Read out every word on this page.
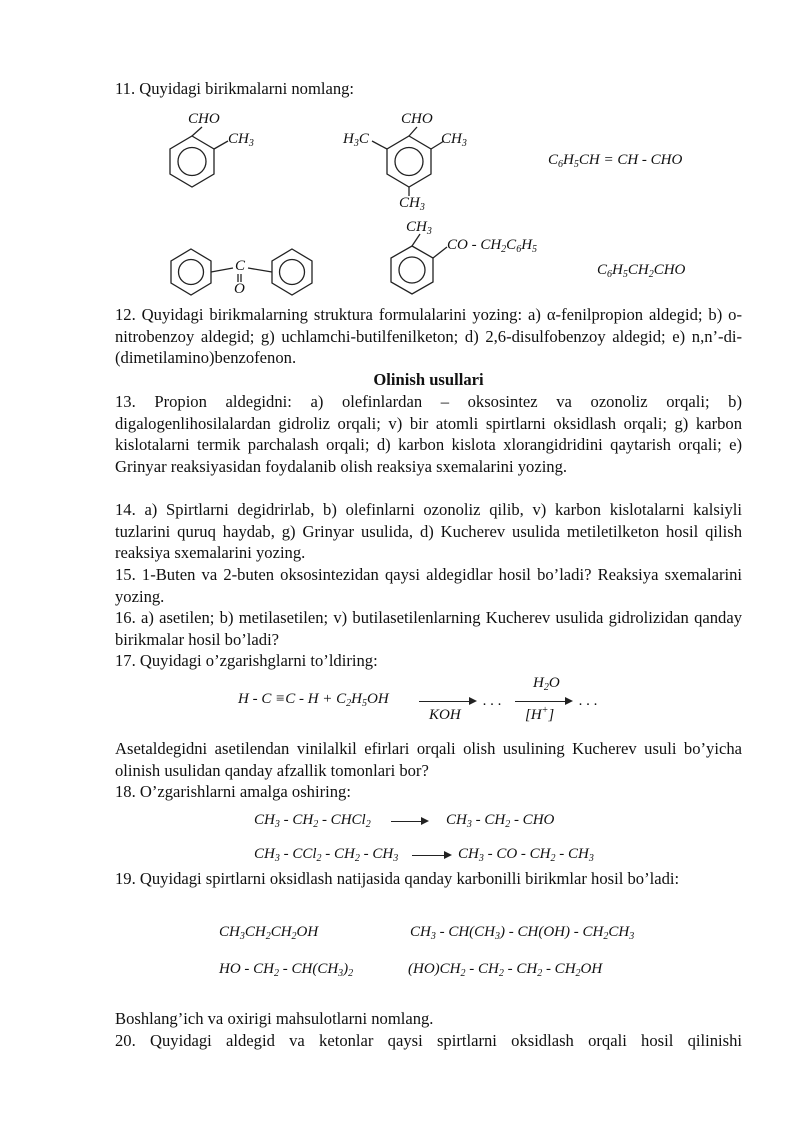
11. Quyidagi birikmalarni nomlang:

CHO
$CH_3$
CHO
$H_3C$	$CH_3$
$CH_3$
$C_6H_5CH$ = CH - CHO
C
O
$CH_3$
CO - $CH_2C_6H_5$
$C_6H_5CH_2CHO$

12. Quyidagi birikmalarning struktura formulalarini yozing: a) α-fenilpropion aldegid; b) o-nitrobenzoy aldegid; g) uchlamchi-butilfenilketon; d) 2,6-disulfobenzoy aldegid; e) n,n’-di-(dimetilamino)benzofenon.

Olinish usullari

13. Propion aldegidni: a) olefinlardan – oksosintez va ozonoliz orqali; b) digalogenlihosilalardan gidroliz orqali; v) bir atomli spirtlarni oksidlash orqali; g) karbon kislotalarni termik parchalash orqali; d) karbon kislota xlorangidridini qaytarish orqali; e) Grinyar reaksiyasidan foydalanib olish reaksiya sxemalarini yozing.

14. a) Spirtlarni degidrirlab, b) olefinlarni ozonoliz qilib, v) karbon kislotalarni kalsiyli tuzlarini quruq haydab, g) Grinyar usulida, d) Kucherev usulida metiletilketon hosil qilish reaksiya sxemalarini yozing.

15. 1-Buten va 2-buten oksosintezidan qaysi aldegidlar hosil bo’ladi? Reaksiya sxemalarini yozing.

16. a) asetilen; b) metilasetilen; v) butilasetilenlarning Kucherev usulida gidrolizidan qanday birikmalar hosil bo’ladi?

17. Quyidagi o’zgarishglarni to’ldiring:

$H - C \equiv C - H + C_2H_5OH$
KOH
. . .
$H_2O$
[H+]
. . .

Asetaldegidni asetilendan vinilalkil efirlari orqali olish usulining Kucherev usuli bo’yicha olinish usulidan qanday afzallik tomonlari bor?

18. O’zgarishlarni amalga oshiring:

$CH_3 - CH_2$ - CHCl$_2$	$CH_3 - CH_2$ - CHO
$CH_3 - CCl_2 - CH_2 - CH_3$	$CH_3$ - CO - $CH_2 - CH_3$

19. Quyidagi spirtlarni oksidlash natijasida qanday karbonilli birikmlar hosil bo’ladi:

$CH_3CH_2CH_2OH$	$CH_3 - CH(CH_3) - CH(OH) - CH_2CH_3$
HO - $CH_2 - CH(CH_3)_2$	$(HO)CH_2 - CH_2 - CH_2 - CH_2OH$

Boshlang’ich va oxirigi mahsulotlarni nomlang.

20. Quyidagi aldegid va ketonlar qaysi spirtlarni oksidlash orqali hosil qilinishi
